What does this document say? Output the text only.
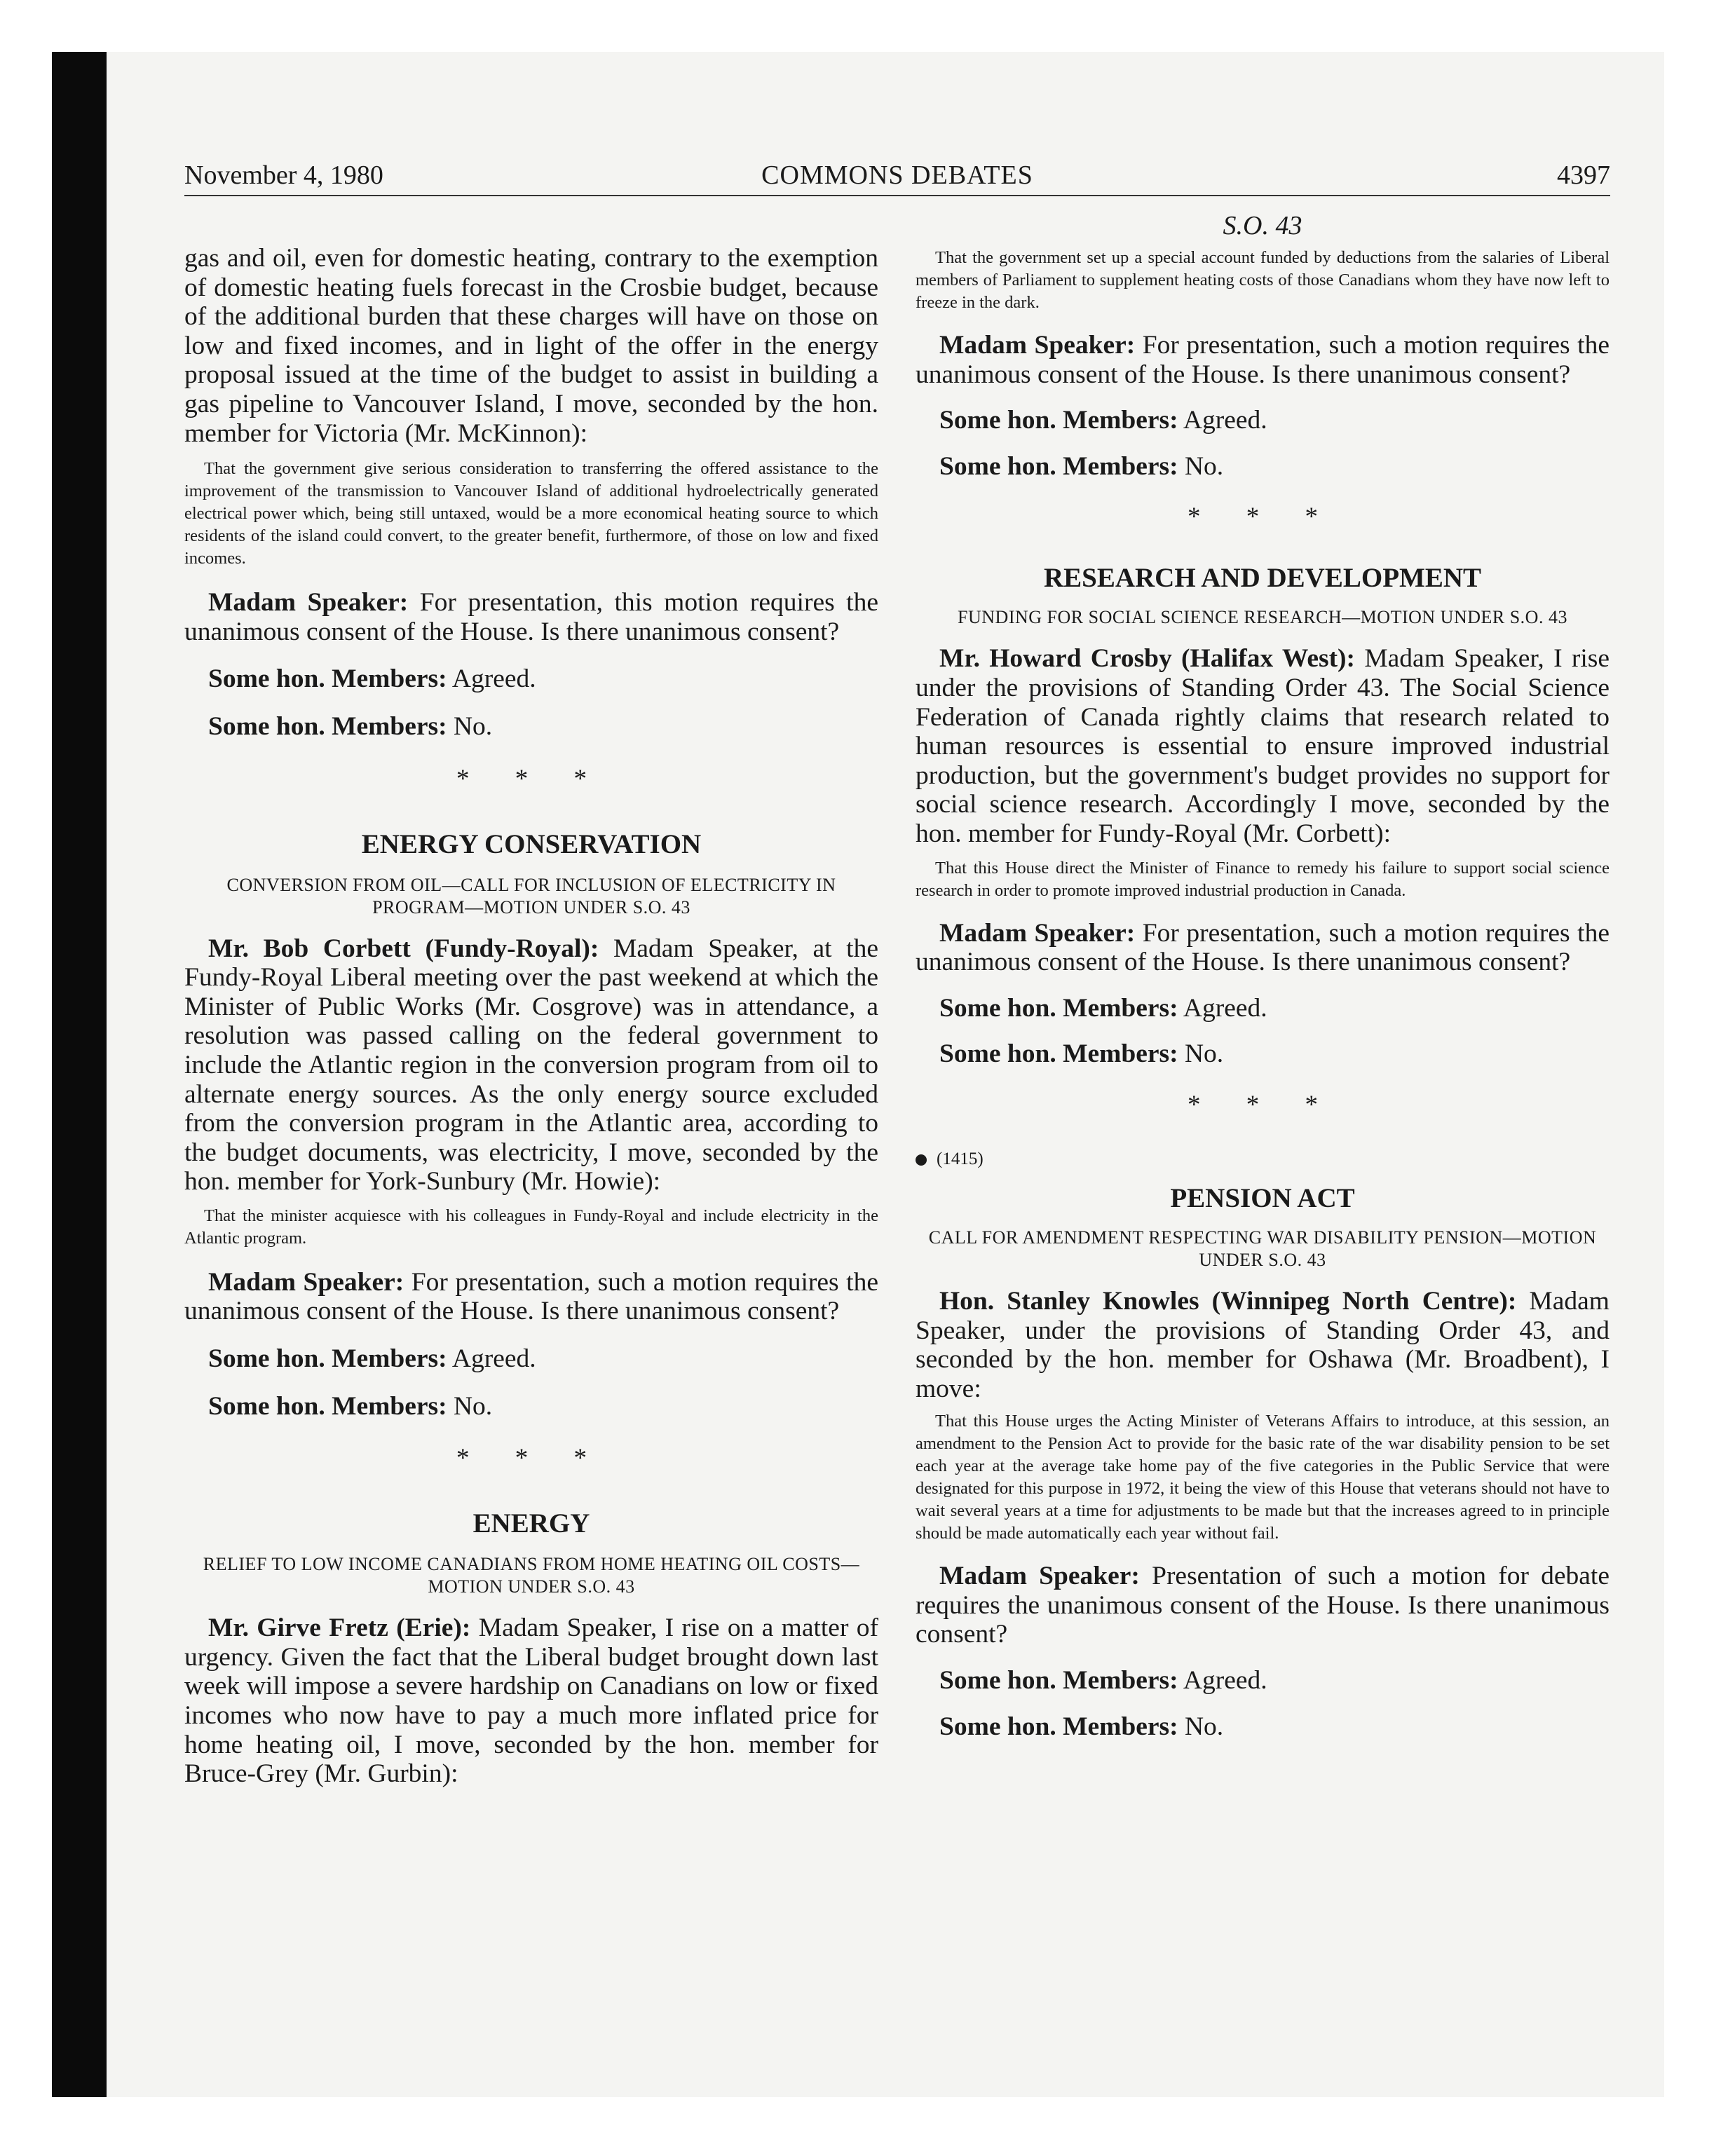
November 4, 1980	COMMONS DEBATES	4397

gas and oil, even for domestic heating, contrary to the exemption of domestic heating fuels forecast in the Crosbie budget, because of the additional burden that these charges will have on those on low and fixed incomes, and in light of the offer in the energy proposal issued at the time of the budget to assist in building a gas pipeline to Vancouver Island, I move, seconded by the hon. member for Victoria (Mr. McKinnon):

That the government give serious consideration to transferring the offered assistance to the improvement of the transmission to Vancouver Island of additional hydroelectrically generated electrical power which, being still untaxed, would be a more economical heating source to which residents of the island could convert, to the greater benefit, furthermore, of those on low and fixed incomes.

Madam Speaker: For presentation, this motion requires the unanimous consent of the House. Is there unanimous consent?

Some hon. Members: Agreed.

Some hon. Members: No.

* * *

ENERGY CONSERVATION

CONVERSION FROM OIL—CALL FOR INCLUSION OF ELECTRICITY IN PROGRAM—MOTION UNDER S.O. 43

Mr. Bob Corbett (Fundy-Royal): Madam Speaker, at the Fundy-Royal Liberal meeting over the past weekend at which the Minister of Public Works (Mr. Cosgrove) was in attendance, a resolution was passed calling on the federal government to include the Atlantic region in the conversion program from oil to alternate energy sources. As the only energy source excluded from the conversion program in the Atlantic area, according to the budget documents, was electricity, I move, seconded by the hon. member for York-Sunbury (Mr. Howie):

That the minister acquiesce with his colleagues in Fundy-Royal and include electricity in the Atlantic program.

Madam Speaker: For presentation, such a motion requires the unanimous consent of the House. Is there unanimous consent?

Some hon. Members: Agreed.

Some hon. Members: No.

* * *

ENERGY

RELIEF TO LOW INCOME CANADIANS FROM HOME HEATING OIL COSTS—MOTION UNDER S.O. 43

Mr. Girve Fretz (Erie): Madam Speaker, I rise on a matter of urgency. Given the fact that the Liberal budget brought down last week will impose a severe hardship on Canadians on low or fixed incomes who now have to pay a much more inflated price for home heating oil, I move, seconded by the hon. member for Bruce-Grey (Mr. Gurbin):

S.O. 43

That the government set up a special account funded by deductions from the salaries of Liberal members of Parliament to supplement heating costs of those Canadians whom they have now left to freeze in the dark.

Madam Speaker: For presentation, such a motion requires the unanimous consent of the House. Is there unanimous consent?

Some hon. Members: Agreed.

Some hon. Members: No.

* * *

RESEARCH AND DEVELOPMENT

FUNDING FOR SOCIAL SCIENCE RESEARCH—MOTION UNDER S.O. 43

Mr. Howard Crosby (Halifax West): Madam Speaker, I rise under the provisions of Standing Order 43. The Social Science Federation of Canada rightly claims that research related to human resources is essential to ensure improved industrial production, but the government's budget provides no support for social science research. Accordingly I move, seconded by the hon. member for Fundy-Royal (Mr. Corbett):

That this House direct the Minister of Finance to remedy his failure to support social science research in order to promote improved industrial production in Canada.

Madam Speaker: For presentation, such a motion requires the unanimous consent of the House. Is there unanimous consent?

Some hon. Members: Agreed.

Some hon. Members: No.

* * *

(1415)

PENSION ACT

CALL FOR AMENDMENT RESPECTING WAR DISABILITY PENSION—MOTION UNDER S.O. 43

Hon. Stanley Knowles (Winnipeg North Centre): Madam Speaker, under the provisions of Standing Order 43, and seconded by the hon. member for Oshawa (Mr. Broadbent), I move:

That this House urges the Acting Minister of Veterans Affairs to introduce, at this session, an amendment to the Pension Act to provide for the basic rate of the war disability pension to be set each year at the average take home pay of the five categories in the Public Service that were designated for this purpose in 1972, it being the view of this House that veterans should not have to wait several years at a time for adjustments to be made but that the increases agreed to in principle should be made automatically each year without fail.

Madam Speaker: Presentation of such a motion for debate requires the unanimous consent of the House. Is there unanimous consent?

Some hon. Members: Agreed.

Some hon. Members: No.
